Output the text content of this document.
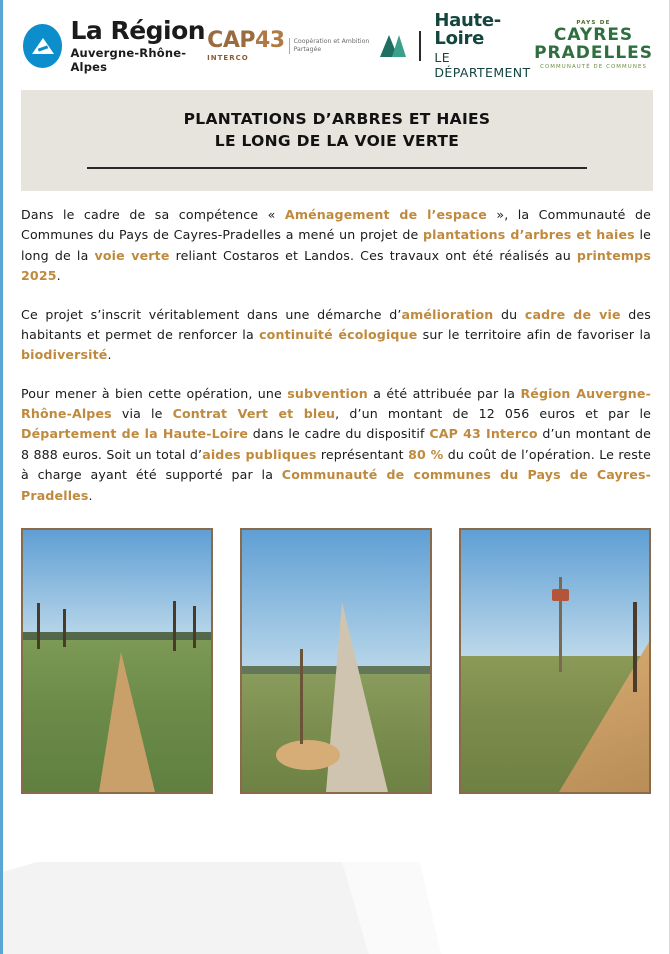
La Région
Auvergne-Rhône-Alpes
CAP43
INTERCO
Coopération et Ambition Partagée
Haute-Loire
LE DÉPARTEMENT
PAYS DE
CAYRES
PRADELLES
COMMUNAUTÉ DE COMMUNES
PLANTATIONS D’ARBRES ET HAIES
LE LONG DE LA VOIE VERTE

Dans le cadre de sa compétence « Aménagement de l’espace », la Communauté de Communes du Pays de Cayres-Pradelles a mené un projet de plantations d’arbres et haies le long de la voie verte reliant Costaros et Landos. Ces travaux ont été réalisés au printemps 2025.

Ce projet s’inscrit véritablement dans une démarche d’amélioration du cadre de vie des habitants et permet de renforcer la continuité écologique sur le territoire afin de favoriser la biodiversité.

Pour mener à bien cette opération, une subvention a été attribuée par la Région Auvergne-Rhône-Alpes via le Contrat Vert et bleu, d’un montant de 12 056 euros et par le Département de la Haute-Loire dans le cadre du dispositif CAP 43 Interco d’un montant de 8 888 euros. Soit un total d’aides publiques représentant 80 % du coût de l’opération. Le reste à charge ayant été supporté par la Communauté de communes du Pays de Cayres-Pradelles.
